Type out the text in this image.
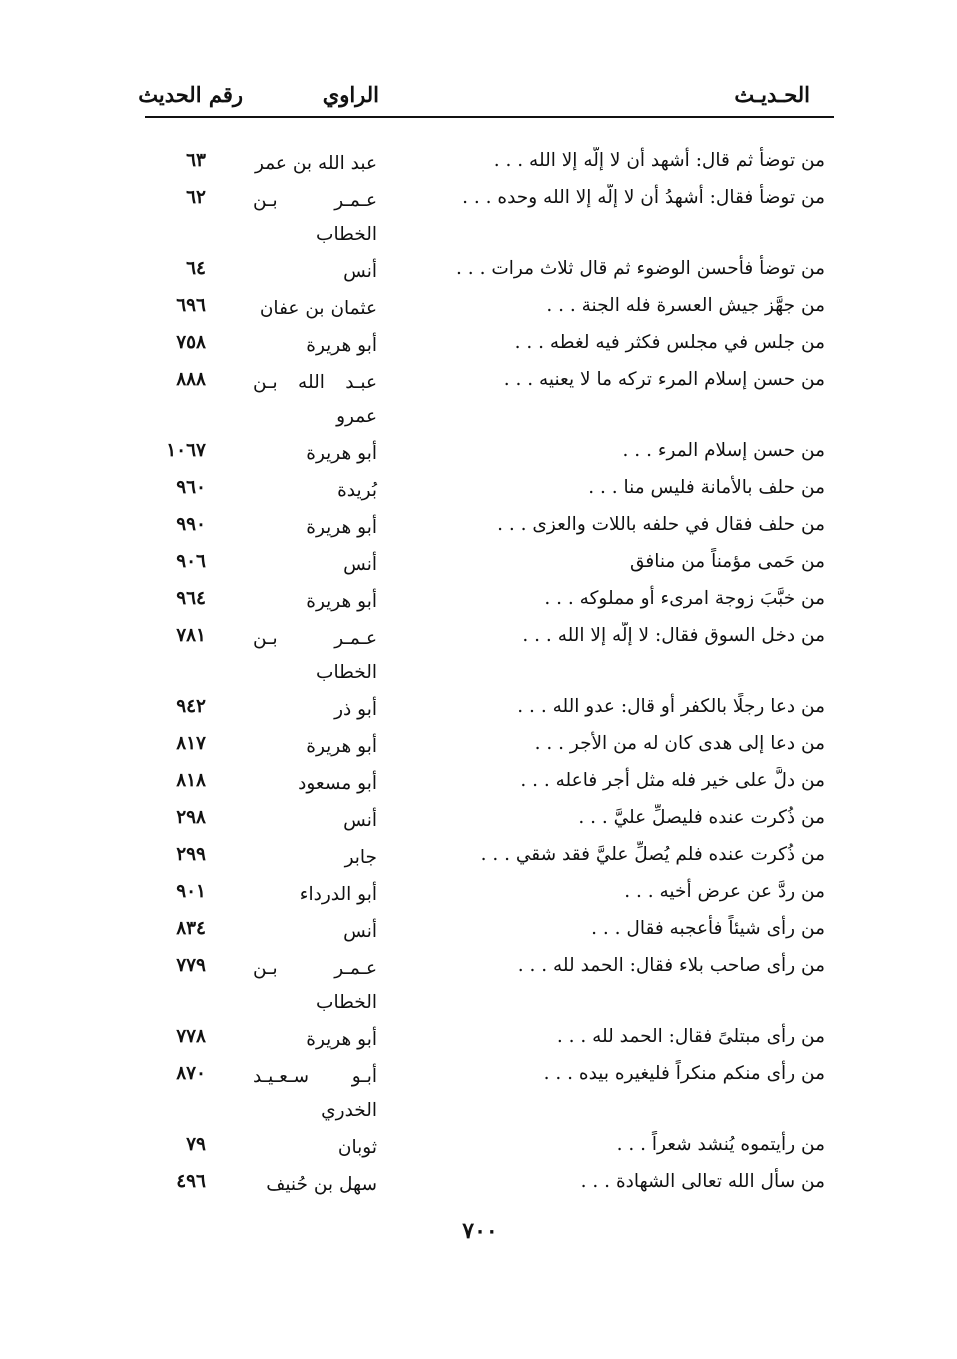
الحـديـث
الراوي
رقم الحديث
من توضأ ثم قال: أشهد أن لا إلّه إلا الله . . .
عبد الله بن عمر
٦٣
من توضأ فقال: أشهدُ أن لا إلّه إلا الله وحده . . .
عـمـر بـن الخطاب
٦٢
من توضأ فأحسن الوضوء ثم قال ثلاث مرات . . .
أنس
٦٤
من جهَّز جيش العسرة فله الجنة . . .
عثمان بن عفان
٦٩٦
من جلس في مجلس فكثر فيه لغطه . . .
أبو هريرة
٧٥٨
من حسن إسلام المرء تركه ما لا يعنيه . . .
عبـد الله بـن عمرو
٨٨٨
من حسن إسلام المرء . . .
أبو هريرة
١٠٦٧
من حلف بالأمانة فليس منا . . .
بُريدة
٩٦٠
من حلف فقال في حلفه باللات والعزى . . .
أبو هريرة
٩٩٠
من حَمى مؤمناً من منافق
أنس
٩٠٦
من خبَّبَ زوجة امرىء أو مملوكه . . .
أبو هريرة
٩٦٤
من دخل السوق فقال: لا إلّه إلا الله . . .
عـمـر بـن الخطاب
٧٨١
من دعا رجلًا بالكفر أو قال: عدو الله . . .
أبو ذر
٩٤٢
من دعا إلى هدى كان له من الأجر . . .
أبو هريرة
٨١٧
من دلَّ على خير فله مثل أجر فاعله . . .
أبو مسعود
٨١٨
من ذُكرت عنده فليصلِّ عليَّ . . .
أنس
٢٩٨
من ذُكرت عنده فلم يُصلِّ عليَّ فقد شقي . . .
جابر
٢٩٩
من ردَّ عن عرض أخيه . . .
أبو الدرداء
٩٠١
من رأى شيئاً فأعجبه فقال . . .
أنس
٨٣٤
من رأى صاحب بلاء فقال: الحمد لله . . .
عـمـر بـن الخطاب
٧٧٩
من رأى مبتلىً فقال: الحمد لله . . .
أبو هريرة
٧٧٨
من رأى منكم منكراً فليغيره بيده . . .
أبـو سـعـيـد الخدري
٨٧٠
من رأيتموه يُنشد شعراً . . .
ثوبان
٧٩
من سأل الله تعالى الشهادة . . .
سهل بن حُنيف
٤٩٦
٧٠٠
